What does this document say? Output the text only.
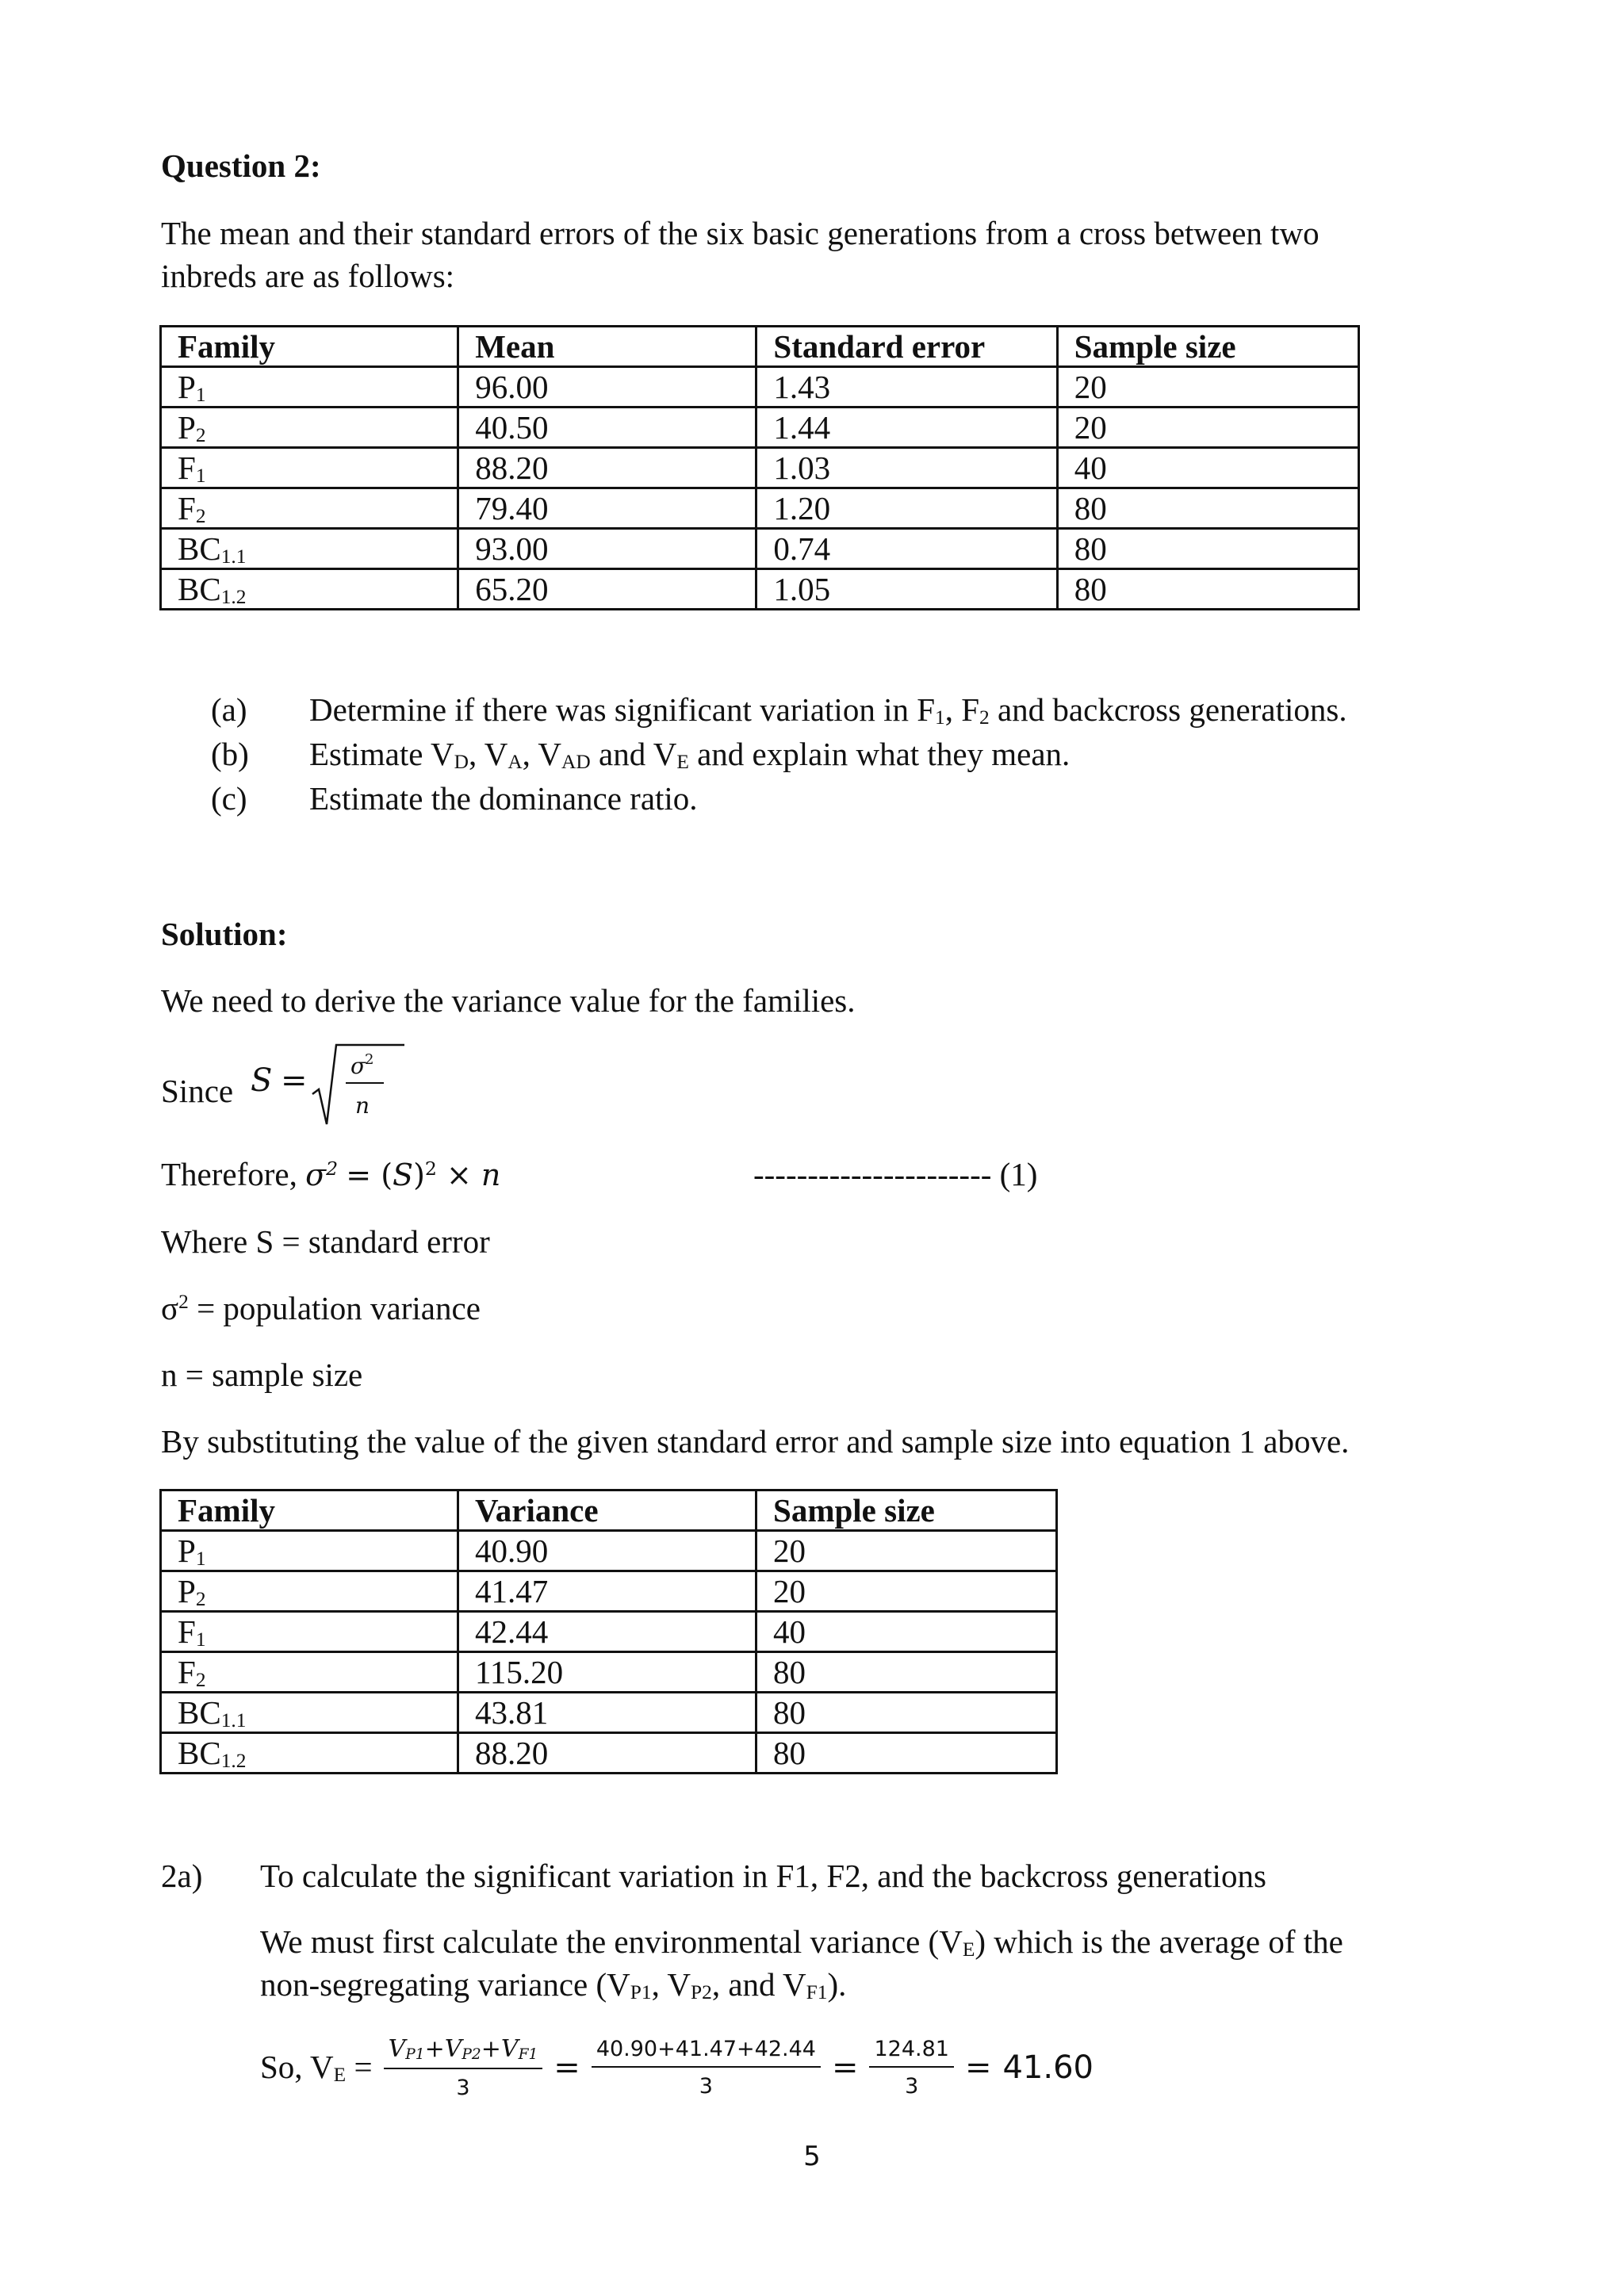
Question 2:
The mean and their standard errors of the six basic generations from a cross between two
inbreds are as follows:
Family	Mean	Standard error	Sample size
$P_1$	96.00	1.43	20
$P_2$	40.50	1.44	20
$F_1$	88.20	1.03	40
$F_2$	79.40	1.20	80
$BC_{1.1}$	93.00	0.74	80
$BC_{1.2}$	65.20	1.05	80
(a) Determine if there was significant variation in $F_1$, $F_2$ and backcross generations.
(b) Estimate $V_D$, $V_A$, $V_{AD}$ and $V_E$ and explain what they mean.
(c) Estimate the dominance ratio.
Solution:
We need to derive the variance value for the families.
Since S = σ
2
n
Therefore, $\sigma^2 = (S)^2 \times n$	---------------------- (1)
Where S = standard error
$\sigma^2$ = population variance
n = sample size
By substituting the value of the given standard error and sample size into equation 1 above.
Family	Variance	Sample size
$P_1$	40.90	20
$P_2$	41.47	20
$F_1$	42.44	40
$F_2$	115.20	80
$BC_{1.1}$	43.81	80
$BC_{1.2}$	88.20	80
2a) To calculate the significant variation in F1, F2, and the backcross generations
We must first calculate the environmental variance $(V_E)$ which is the average of the
non-segregating variance ($V_{P1}$, $V_{P2}$, and $V_{F1}$).
So, $V_E = \frac{V_{P1}+V_{P2}+V_{F1}}{3} = \frac{40.90+41.47+42.44}{3} = \frac{124.81}{3} = 41.60$
5
